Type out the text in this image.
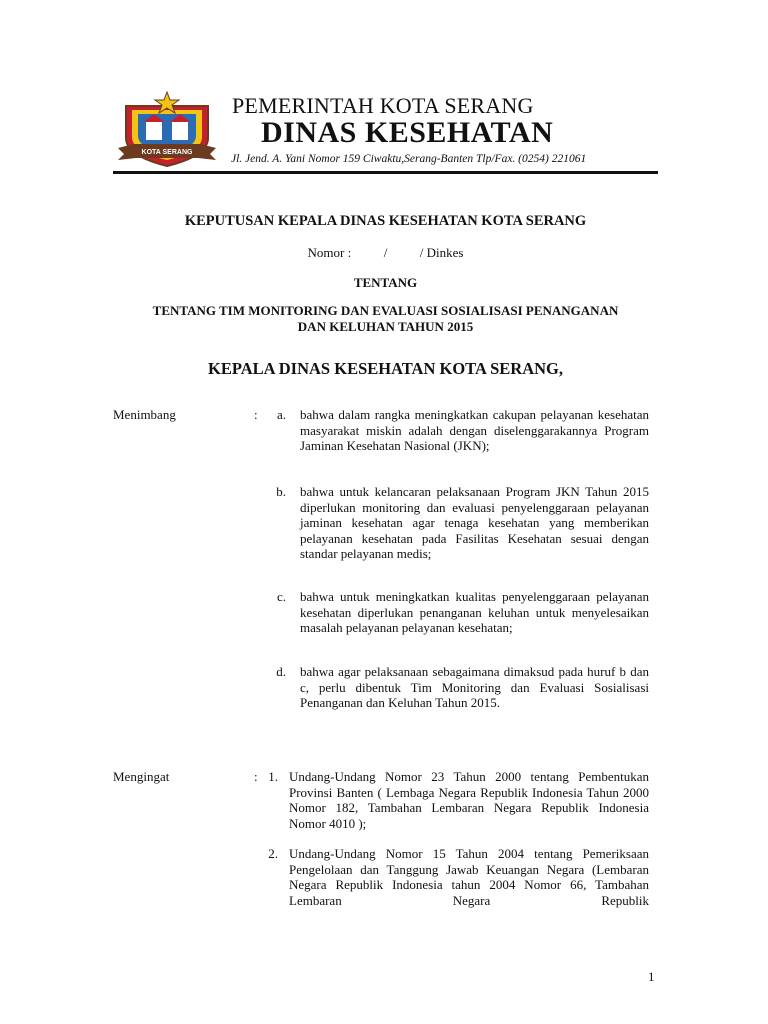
KOTA SERANG
PEMERINTAH KOTA SERANG
DINAS KESEHATAN
Jl. Jend. A. Yani Nomor 159 Ciwaktu,Serang-Banten Tlp/Fax. (0254) 221061
KEPUTUSAN KEPALA DINAS KESEHATAN KOTA SERANG
Nomor :          /          / Dinkes
TENTANG
TENTANG TIM MONITORING DAN EVALUASI SOSIALISASI PENANGANAN
DAN KELUHAN TAHUN 2015
KEPALA DINAS KESEHATAN KOTA SERANG,
Menimbang	:	a. bahwa dalam rangka meningkatkan cakupan pelayanan kesehatan masyarakat miskin adalah dengan diselenggarakannya Program Jaminan Kesehatan Nasional (JKN);
b. bahwa untuk kelancaran pelaksanaan Program JKN Tahun 2015 diperlukan monitoring dan evaluasi penyelenggaraan pelayanan jaminan kesehatan agar tenaga kesehatan yang memberikan pelayanan kesehatan pada Fasilitas Kesehatan sesuai dengan standar pelayanan medis;
c. bahwa untuk meningkatkan kualitas penyelenggaraan pelayanan kesehatan diperlukan penanganan keluhan untuk menyelesaikan masalah pelayanan pelayanan kesehatan;
d. bahwa agar pelaksanaan sebagaimana dimaksud pada huruf b dan c, perlu dibentuk Tim Monitoring dan Evaluasi Sosialisasi Penanganan dan Keluhan Tahun 2015.
Mengingat	: 1. Undang-Undang Nomor 23 Tahun 2000 tentang Pembentukan Provinsi Banten ( Lembaga Negara Republik Indonesia Tahun 2000 Nomor 182, Tambahan Lembaran Negara Republik Indonesia Nomor 4010 );
2. Undang-Undang Nomor 15 Tahun 2004 tentang Pemeriksaan Pengelolaan dan Tanggung Jawab Keuangan Negara (Lembaran Negara Republik Indonesia tahun 2004 Nomor 66, Tambahan Lembaran Negara Republik
1
